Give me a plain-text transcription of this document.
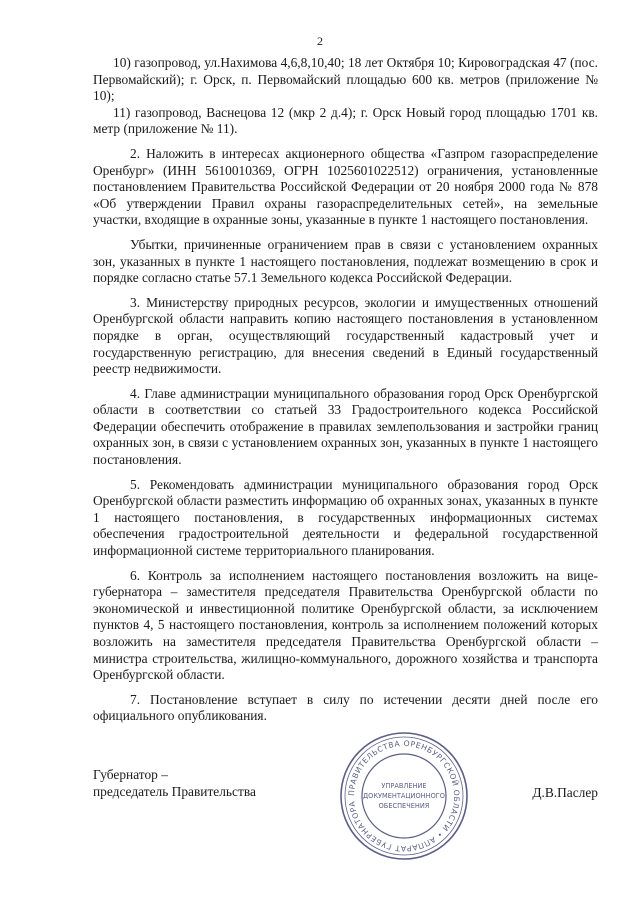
2

10) газопровод, ул.Нахимова 4,6,8,10,40; 18 лет Октября 10; Кировоградская 47 (пос. Первомайский); г. Орск, п. Первомайский площадью 600 кв. метров (приложение № 10);

11) газопровод, Васнецова 12 (мкр 2 д.4); г. Орск Новый город площадью 1701 кв. метр (приложение № 11).

2. Наложить в интересах акционерного общества «Газпром газораспределение Оренбург» (ИНН 5610010369, ОГРН 1025601022512) ограничения, установленные постановлением Правительства Российской Федерации от 20 ноября 2000 года № 878 «Об утверждении Правил охраны газораспределительных сетей», на земельные участки, входящие в охранные зоны, указанные в пункте 1 настоящего постановления.

Убытки, причиненные ограничением прав в связи с установлением охранных зон, указанных в пункте 1 настоящего постановления, подлежат возмещению в срок и порядке согласно статье 57.1 Земельного кодекса Российской Федерации.

3. Министерству природных ресурсов, экологии и имущественных отношений Оренбургской области направить копию настоящего постановления в установленном порядке в орган, осуществляющий государственный кадастровый учет и государственную регистрацию, для внесения сведений в Единый государственный реестр недвижимости.

4. Главе администрации муниципального образования город Орск Оренбургской области в соответствии со статьей 33 Градостроительного кодекса Российской Федерации обеспечить отображение в правилах землепользования и застройки границ охранных зон, в связи с установлением охранных зон, указанных в пункте 1 настоящего постановления.

5. Рекомендовать администрации муниципального образования город Орск Оренбургской области разместить информацию об охранных зонах, указанных в пункте 1 настоящего постановления, в государственных информационных системах обеспечения градостроительной деятельности и федеральной государственной информационной системе территориального планирования.

6. Контроль за исполнением настоящего постановления возложить на вице-губернатора – заместителя председателя Правительства Оренбургской области по экономической и инвестиционной политике Оренбургской области, за исключением пунктов 4, 5 настоящего постановления, контроль за исполнением положений которых возложить на заместителя председателя Правительства Оренбургской области – министра строительства, жилищно-коммунального, дорожного хозяйства и транспорта Оренбургской области.

7. Постановление вступает в силу по истечении десяти дней после его официального опубликования.

Губернатор –
председатель Правительства	Д.В.Паслер
ПРАВИТЕЛЬСТВА ОРЕНБУРГСКОЙ ОБЛАСТИ • АППАРАТ ГУБЕРНАТОРА
УПРАВЛЕНИЕ
ДОКУМЕНТАЦИОННОГО
ОБЕСПЕЧЕНИЯ
